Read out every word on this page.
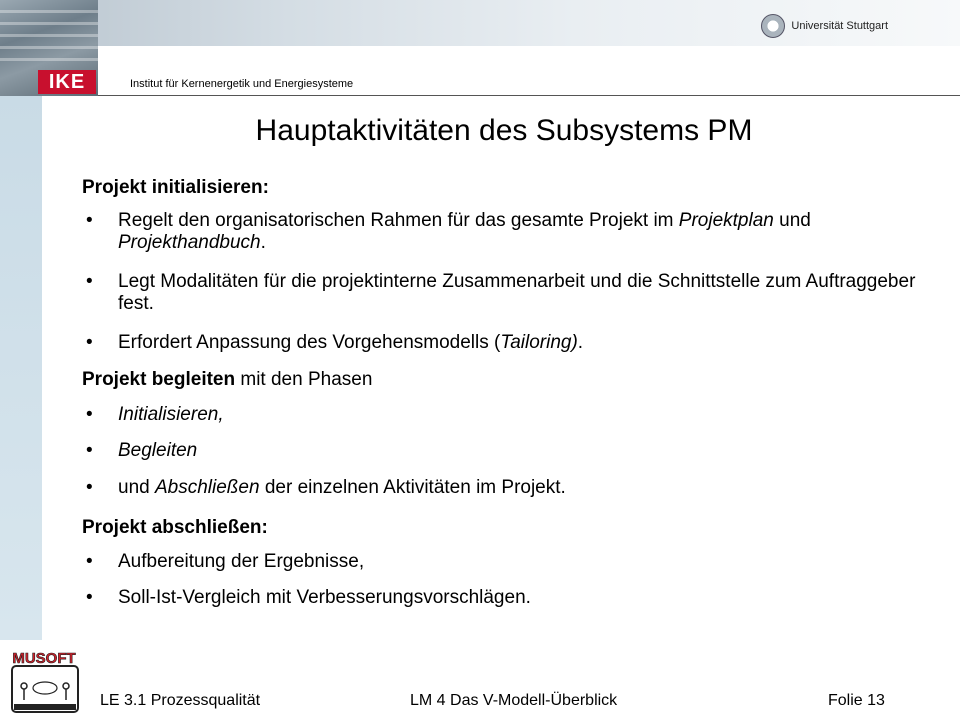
IKE
Universität Stuttgart
Institut für Kernenergetik und Energiesysteme
Hauptaktivitäten des Subsystems PM

Projekt initialisieren:

• Regelt den organisatorischen Rahmen für das gesamte Projekt im Projektplan und Projekthandbuch.

• Legt Modalitäten für die projektinterne Zusammenarbeit und die Schnittstelle zum Auftraggeber fest.

• Erfordert Anpassung des Vorgehensmodells (Tailoring).

Projekt begleiten mit den Phasen

• Initialisieren,

• Begleiten

• und Abschließen der einzelnen Aktivitäten im Projekt.

Projekt abschließen:

• Aufbereitung der Ergebnisse,

• Soll-Ist-Vergleich mit Verbesserungsvorschlägen.

MUSOFT
LE 3.1 Prozessqualität	LM 4 Das V-Modell-Überblick	Folie 13
